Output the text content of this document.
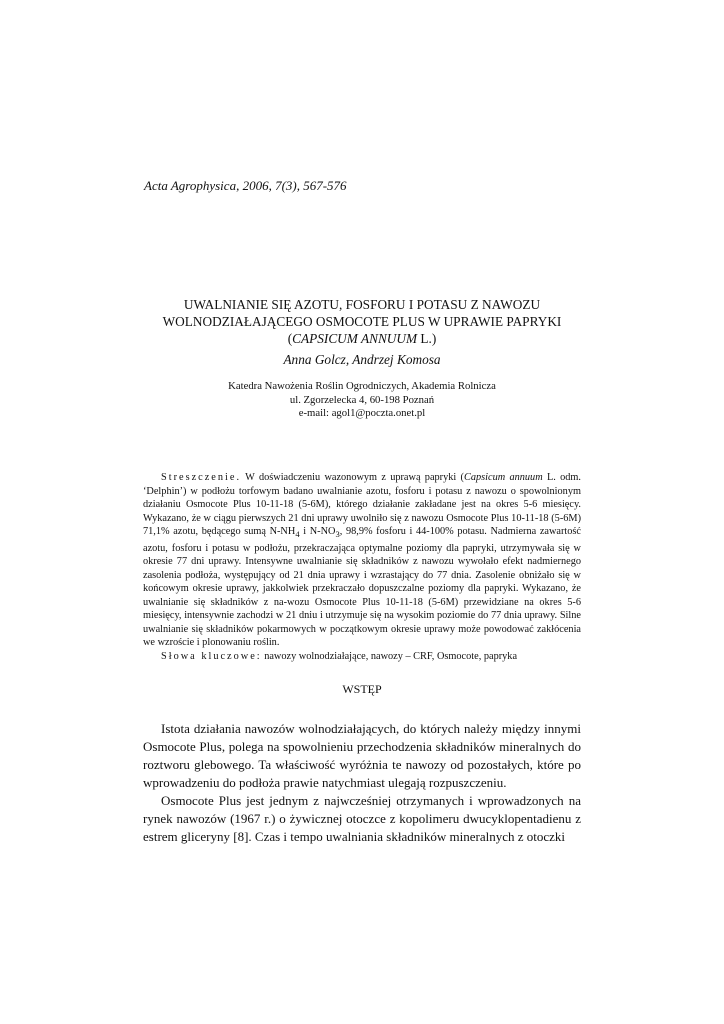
Acta Agrophysica, 2006, 7(3), 567-576

UWALNIANIE SIĘ AZOTU, FOSFORU I POTASU Z NAWOZU
WOLNODZIAŁAJĄCEGO OSMOCOTE PLUS W UPRAWIE PAPRYKI
(CAPSICUM ANNUUM L.)

Anna Golcz, Andrzej Komosa

Katedra Nawożenia Roślin Ogrodniczych, Akademia Rolnicza
ul. Zgorzelecka 4, 60-198 Poznań
e-mail: agol1@poczta.onet.pl

Streszczenie. W doświadczeniu wazonowym z uprawą papryki (Capsicum annuum L. odm. ‘Delphin’) w podłożu torfowym badano uwalnianie azotu, fosforu i potasu z nawozu o spowolnionym działaniu Osmocote Plus 10-11-18 (5-6M), którego działanie zakładane jest na okres 5-6 miesięcy. Wykazano, że w ciągu pierwszych 21 dni uprawy uwolniło się z nawozu Osmocote Plus 10-11-18 (5-6M) 71,1% azotu, będącego sumą $N-NH_4$ i $N-NO_3$, 98,9% fosforu i 44-100% potasu. Nadmierna zawartość azotu, fosforu i potasu w podłożu, przekraczająca optymalne poziomy dla papryki, utrzymywała się w okresie 77 dni uprawy. Intensywne uwalnianie się składników z nawozu wywołało efekt nadmiernego zasolenia podłoża, występujący od 21 dnia uprawy i wzrastający do 77 dnia. Zasolenie obniżało się w końcowym okresie uprawy, jakkolwiek przekraczało dopuszczalne poziomy dla papryki. Wykazano, że uwalnianie się składników z na-wozu Osmocote Plus 10-11-18 (5-6M) przewidziane na okres 5-6 miesięcy, intensywnie zachodzi w 21 dniu i utrzymuje się na wysokim poziomie do 77 dnia uprawy. Silne uwalnianie się składników pokarmowych w początkowym okresie uprawy może powodować zakłócenia we wzroście i plonowaniu roślin.

Słowa kluczowe: nawozy wolnodziałające, nawozy – CRF, Osmocote, papryka

WSTĘP

Istota działania nawozów wolnodziałających, do których należy między innymi Osmocote Plus, polega na spowolnieniu przechodzenia składników mineralnych do roztworu glebowego. Ta właściwość wyróżnia te nawozy od pozostałych, które po wprowadzeniu do podłoża prawie natychmiast ulegają rozpuszczeniu.

Osmocote Plus jest jednym z najwcześniej otrzymanych i wprowadzonych na rynek nawozów (1967 r.) o żywicznej otoczce z kopolimeru dwucyklopentadienu z estrem gliceryny [8]. Czas i tempo uwalniania składników mineralnych z otoczki
